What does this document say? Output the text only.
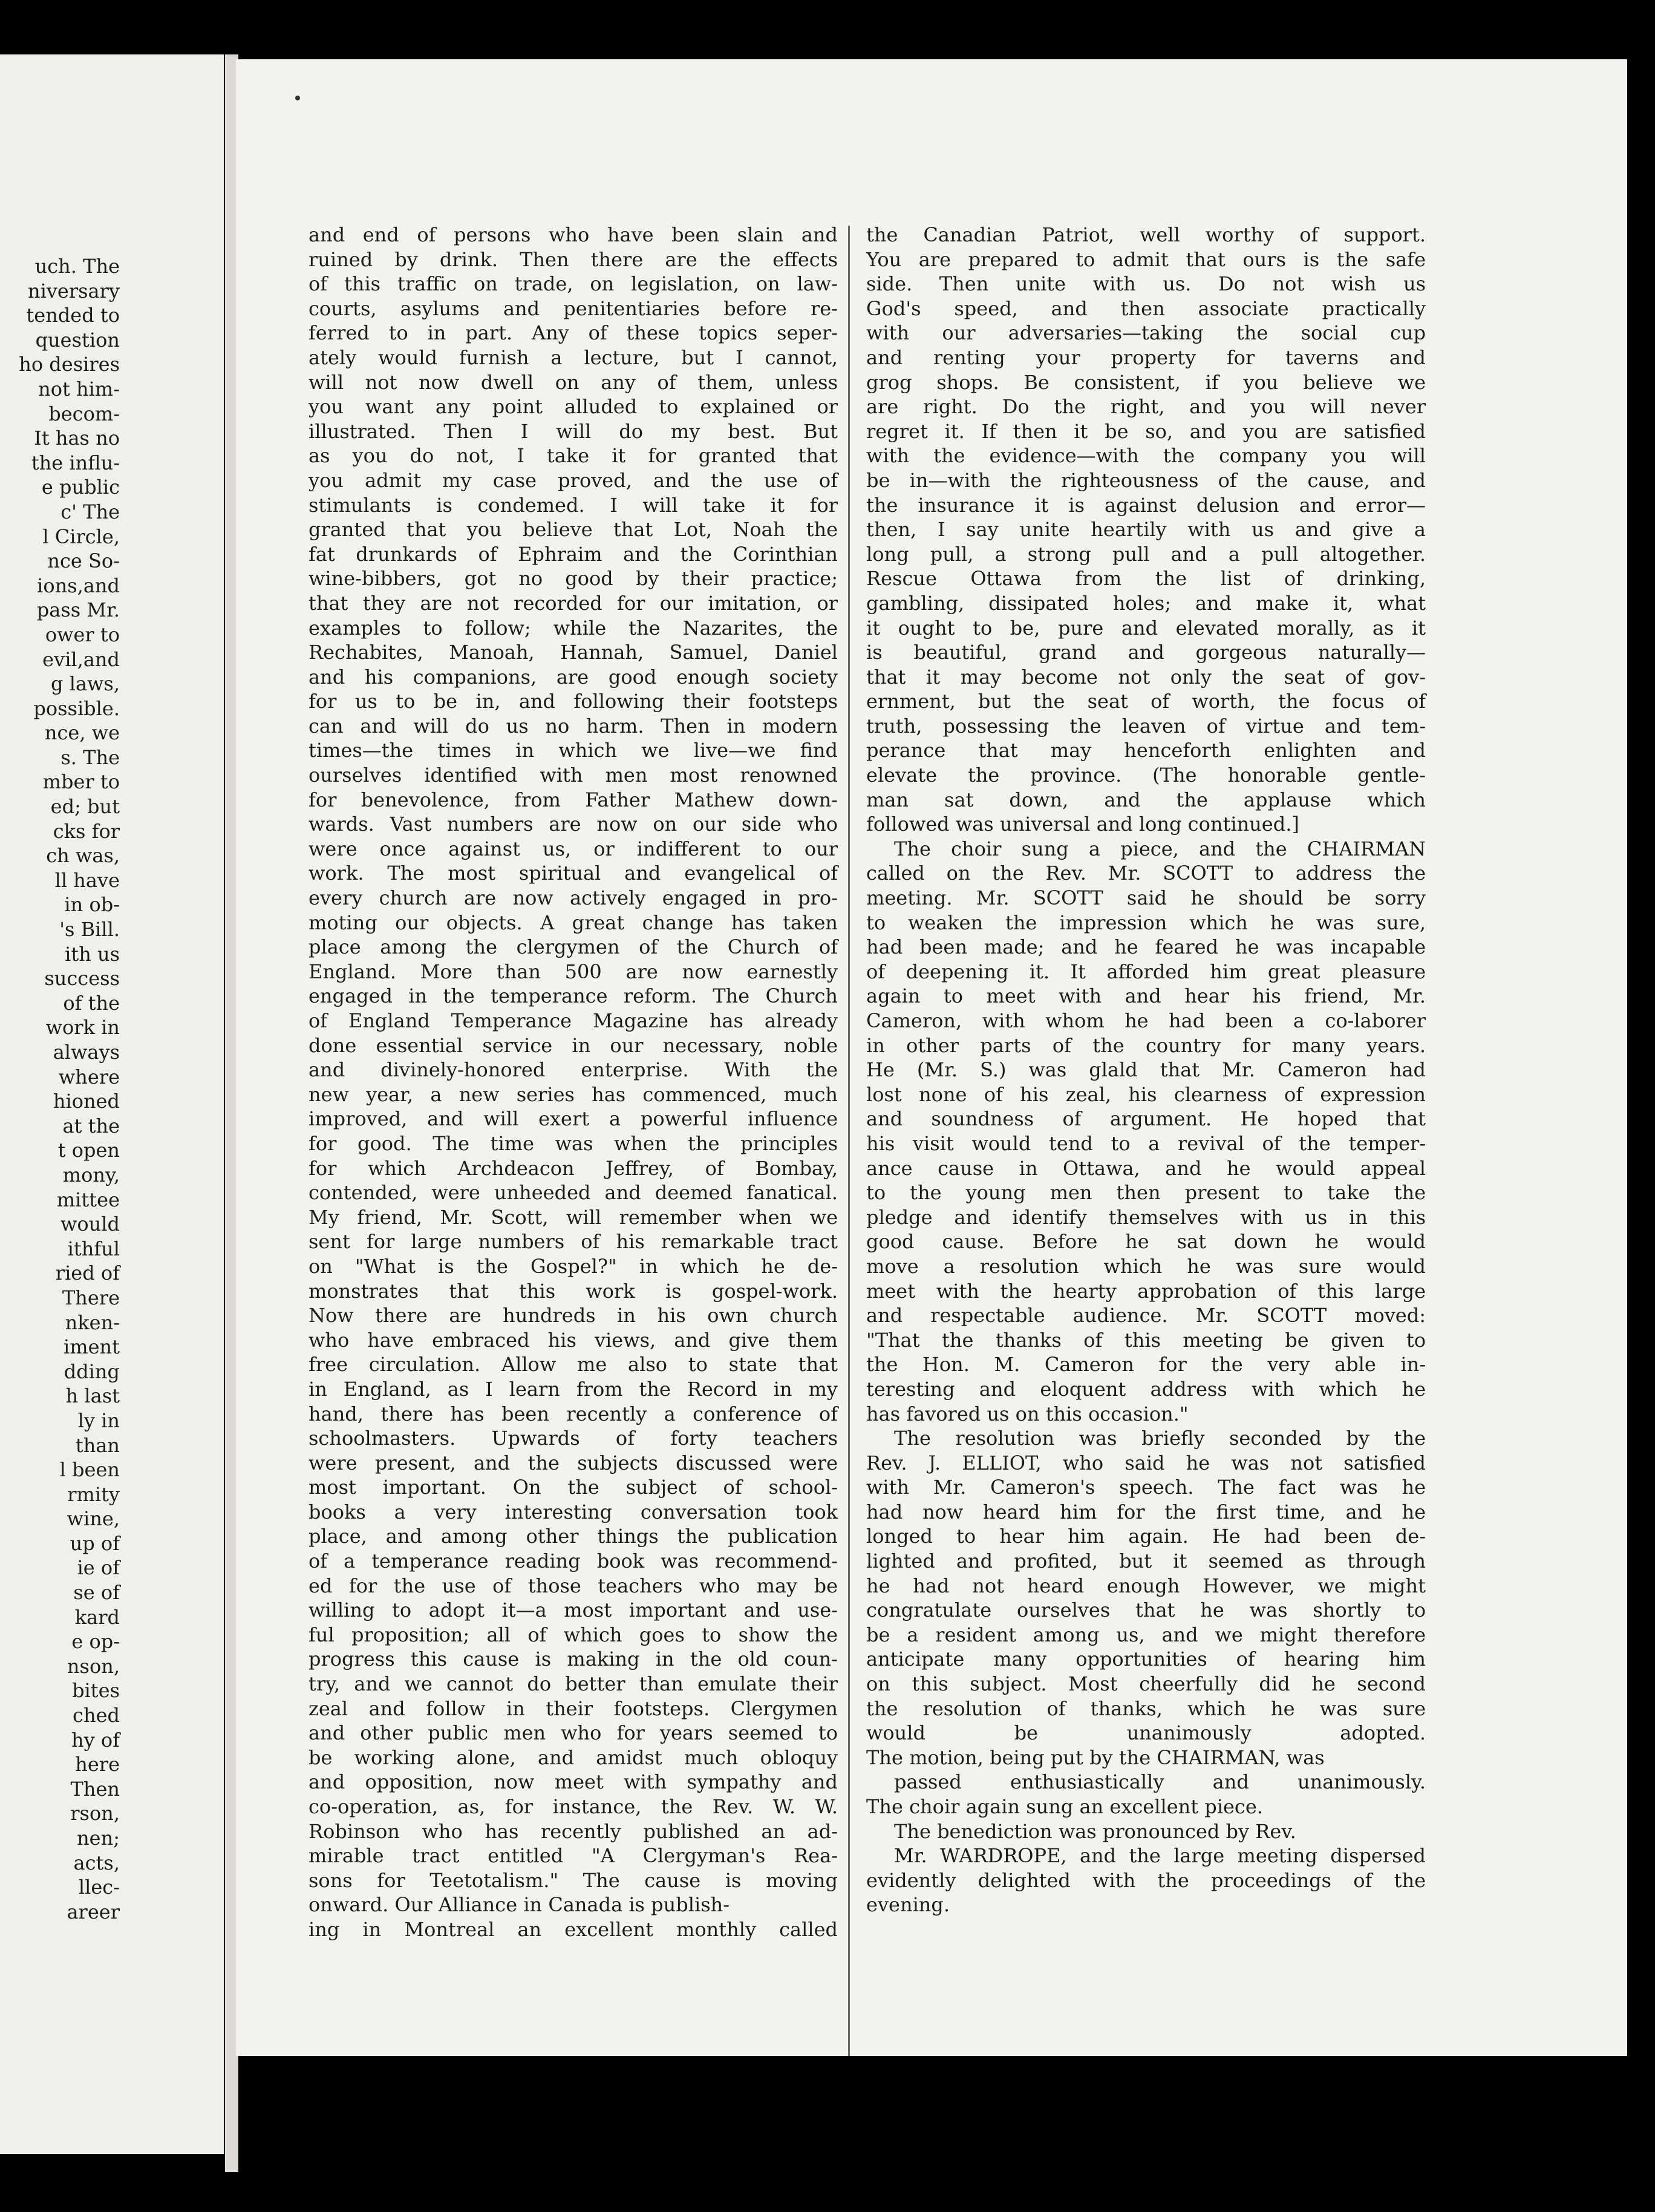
uch. The
niversary
tended to
question
ho desires
not him-
becom-
It has no
the influ-
e public
c' The
l Circle,
nce So-
ions,and
pass Mr.
ower to
evil,and
g laws,
possible.
nce, we
s. The
mber to
ed; but
cks for
ch was,
ll have
in ob-
's Bill.
ith us
success
of the
work in
always
where
hioned
at the
t open
mony,
mittee
would
ithful
ried of
There
nken-
iment
dding
h last
ly in
than
l been
rmity
wine,
up of
ie of
se of
kard
e op-
nson,
bites
ched
hy of
here
Then
rson,
nen;
acts,
llec-
areer
and end of persons who have been slain and
ruined by drink. Then there are the effects
of this traffic on trade, on legislation, on law-
courts, asylums and penitentiaries before re-
ferred to in part. Any of these topics seper-
ately would furnish a lecture, but I cannot,
will not now dwell on any of them, unless
you want any point alluded to explained or
illustrated. Then I will do my best. But
as you do not, I take it for granted that
you admit my case proved, and the use of
stimulants is condemed. I will take it for
granted that you believe that Lot, Noah the
fat drunkards of Ephraim and the Corinthian
wine-bibbers, got no good by their practice;
that they are not recorded for our imitation, or
examples to follow; while the Nazarites, the
Rechabites, Manoah, Hannah, Samuel, Daniel
and his companions, are good enough society
for us to be in, and following their footsteps
can and will do us no harm. Then in modern
times—the times in which we live—we find
ourselves identified with men most renowned
for benevolence, from Father Mathew down-
wards. Vast numbers are now on our side who
were once against us, or indifferent to our
work. The most spiritual and evangelical of
every church are now actively engaged in pro-
moting our objects. A great change has taken
place among the clergymen of the Church of
England. More than 500 are now earnestly
engaged in the temperance reform. The Church
of England Temperance Magazine has already
done essential service in our necessary, noble
and divinely-honored enterprise. With the
new year, a new series has commenced, much
improved, and will exert a powerful influence
for good. The time was when the principles
for which Archdeacon Jeffrey, of Bombay,
contended, were unheeded and deemed fanatical.
My friend, Mr. Scott, will remember when we
sent for large numbers of his remarkable tract
on "What is the Gospel?" in which he de-
monstrates that this work is gospel-work.
Now there are hundreds in his own church
who have embraced his views, and give them
free circulation. Allow me also to state that
in England, as I learn from the Record in my
hand, there has been recently a conference of
schoolmasters. Upwards of forty teachers
were present, and the subjects discussed were
most important. On the subject of school-
books a very interesting conversation took
place, and among other things the publication
of a temperance reading book was recommend-
ed for the use of those teachers who may be
willing to adopt it—a most important and use-
ful proposition; all of which goes to show the
progress this cause is making in the old coun-
try, and we cannot do better than emulate their
zeal and follow in their footsteps. Clergymen
and other public men who for years seemed to
be working alone, and amidst much obloquy
and opposition, now meet with sympathy and
co-operation, as, for instance, the Rev. W. W.
Robinson who has recently published an ad-
mirable tract entitled "A Clergyman's Rea-
sons for Teetotalism." The cause is moving
onward. Our Alliance in Canada is publish-
ing in Montreal an excellent monthly called
the Canadian Patriot, well worthy of support.
You are prepared to admit that ours is the safe
side. Then unite with us. Do not wish us
God's speed, and then associate practically
with our adversaries—taking the social cup
and renting your property for taverns and
grog shops. Be consistent, if you believe we
are right. Do the right, and you will never
regret it. If then it be so, and you are satisfied
with the evidence—with the company you will
be in—with the righteousness of the cause, and
the insurance it is against delusion and error—
then, I say unite heartily with us and give a
long pull, a strong pull and a pull altogether.
Rescue Ottawa from the list of drinking,
gambling, dissipated holes; and make it, what
it ought to be, pure and elevated morally, as it
is beautiful, grand and gorgeous naturally—
that it may become not only the seat of gov-
ernment, but the seat of worth, the focus of
truth, possessing the leaven of virtue and tem-
perance that may henceforth enlighten and
elevate the province. (The honorable gentle-
man sat down, and the applause which
followed was universal and long continued.]
The choir sung a piece, and the CHAIRMAN
called on the Rev. Mr. SCOTT to address the
meeting. Mr. SCOTT said he should be sorry
to weaken the impression which he was sure,
had been made; and he feared he was incapable
of deepening it. It afforded him great pleasure
again to meet with and hear his friend, Mr.
Cameron, with whom he had been a co-laborer
in other parts of the country for many years.
He (Mr. S.) was glald that Mr. Cameron had
lost none of his zeal, his clearness of expression
and soundness of argument. He hoped that
his visit would tend to a revival of the temper-
ance cause in Ottawa, and he would appeal
to the young men then present to take the
pledge and identify themselves with us in this
good cause. Before he sat down he would
move a resolution which he was sure would
meet with the hearty approbation of this large
and respectable audience. Mr. SCOTT moved:
"That the thanks of this meeting be given to
the Hon. M. Cameron for the very able in-
teresting and eloquent address with which he
has favored us on this occasion."
The resolution was briefly seconded by the
Rev. J. ELLIOT, who said he was not satisfied
with Mr. Cameron's speech. The fact was he
had now heard him for the first time, and he
longed to hear him again. He had been de-
lighted and profited, but it seemed as through
he had not heard enough However, we might
congratulate ourselves that he was shortly to
be a resident among us, and we might therefore
anticipate many opportunities of hearing him
on this subject. Most cheerfully did he second
the resolution of thanks, which he was sure
would be unanimously adopted.
The motion, being put by the CHAIRMAN, was
passed enthusiastically and unanimously.
The choir again sung an excellent piece.
The benediction was pronounced by Rev.
Mr. WARDROPE, and the large meeting dispersed
evidently delighted with the proceedings of the
evening.
